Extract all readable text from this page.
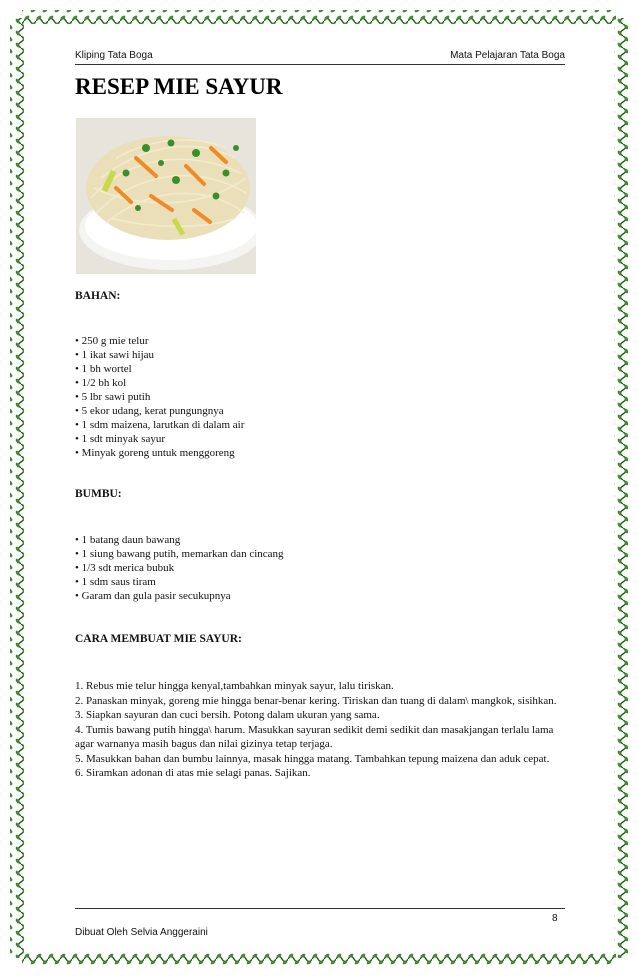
Kliping Tata Boga	Mata Pelajaran Tata Boga
RESEP MIE SAYUR

BAHAN:

• 250 g mie telur
• 1 ikat sawi hijau
• 1 bh wortel
• 1/2 bh kol
• 5 lbr sawi putih
• 5 ekor udang, kerat pungungnya
• 1 sdm maizena, larutkan di dalam air
• 1 sdt minyak sayur
• Minyak goreng untuk menggoreng

BUMBU:

• 1 batang daun bawang
• 1 siung bawang putih, memarkan dan cincang
• 1/3 sdt merica bubuk
• 1 sdm saus tiram
• Garam dan gula pasir secukupnya

CARA MEMBUAT MIE SAYUR:

1. Rebus mie telur hingga kenyal,tambahkan minyak sayur, lalu tiriskan.
2. Panaskan minyak, goreng mie hingga benar-benar kering. Tiriskan dan tuang di dalam\ mangkok, sisihkan.
3. Siapkan sayuran dan cuci bersih. Potong dalam ukuran yang sama.
4. Tumis bawang putih hingga\ harum. Masukkan sayuran sedikit demi sedikit dan masakjangan terlalu lama agar warnanya masih bagus dan nilai gizinya tetap terjaga.
5. Masukkan bahan dan bumbu lainnya, masak hingga matang. Tambahkan tepung maizena dan aduk cepat.
6. Siramkan adonan di atas mie selagi panas. Sajikan.
8
Dibuat Oleh Selvia Anggeraini
